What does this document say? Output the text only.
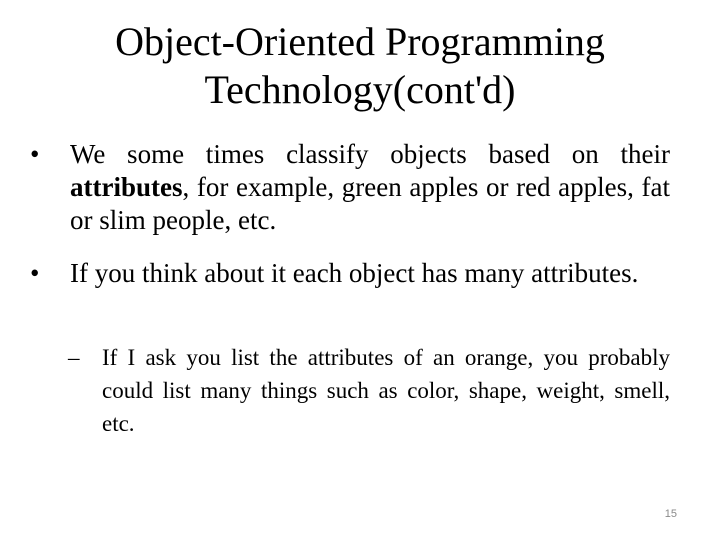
Object-Oriented Programming
Technology(cont'd)
•	We some times classify objects based on their attributes, for example, green apples or red apples, fat or slim people, etc.
•	If you think about it each object has many attributes.
– If I ask you list the attributes of an orange, you probably could list many things such as color, shape, weight, smell, etc.
15
